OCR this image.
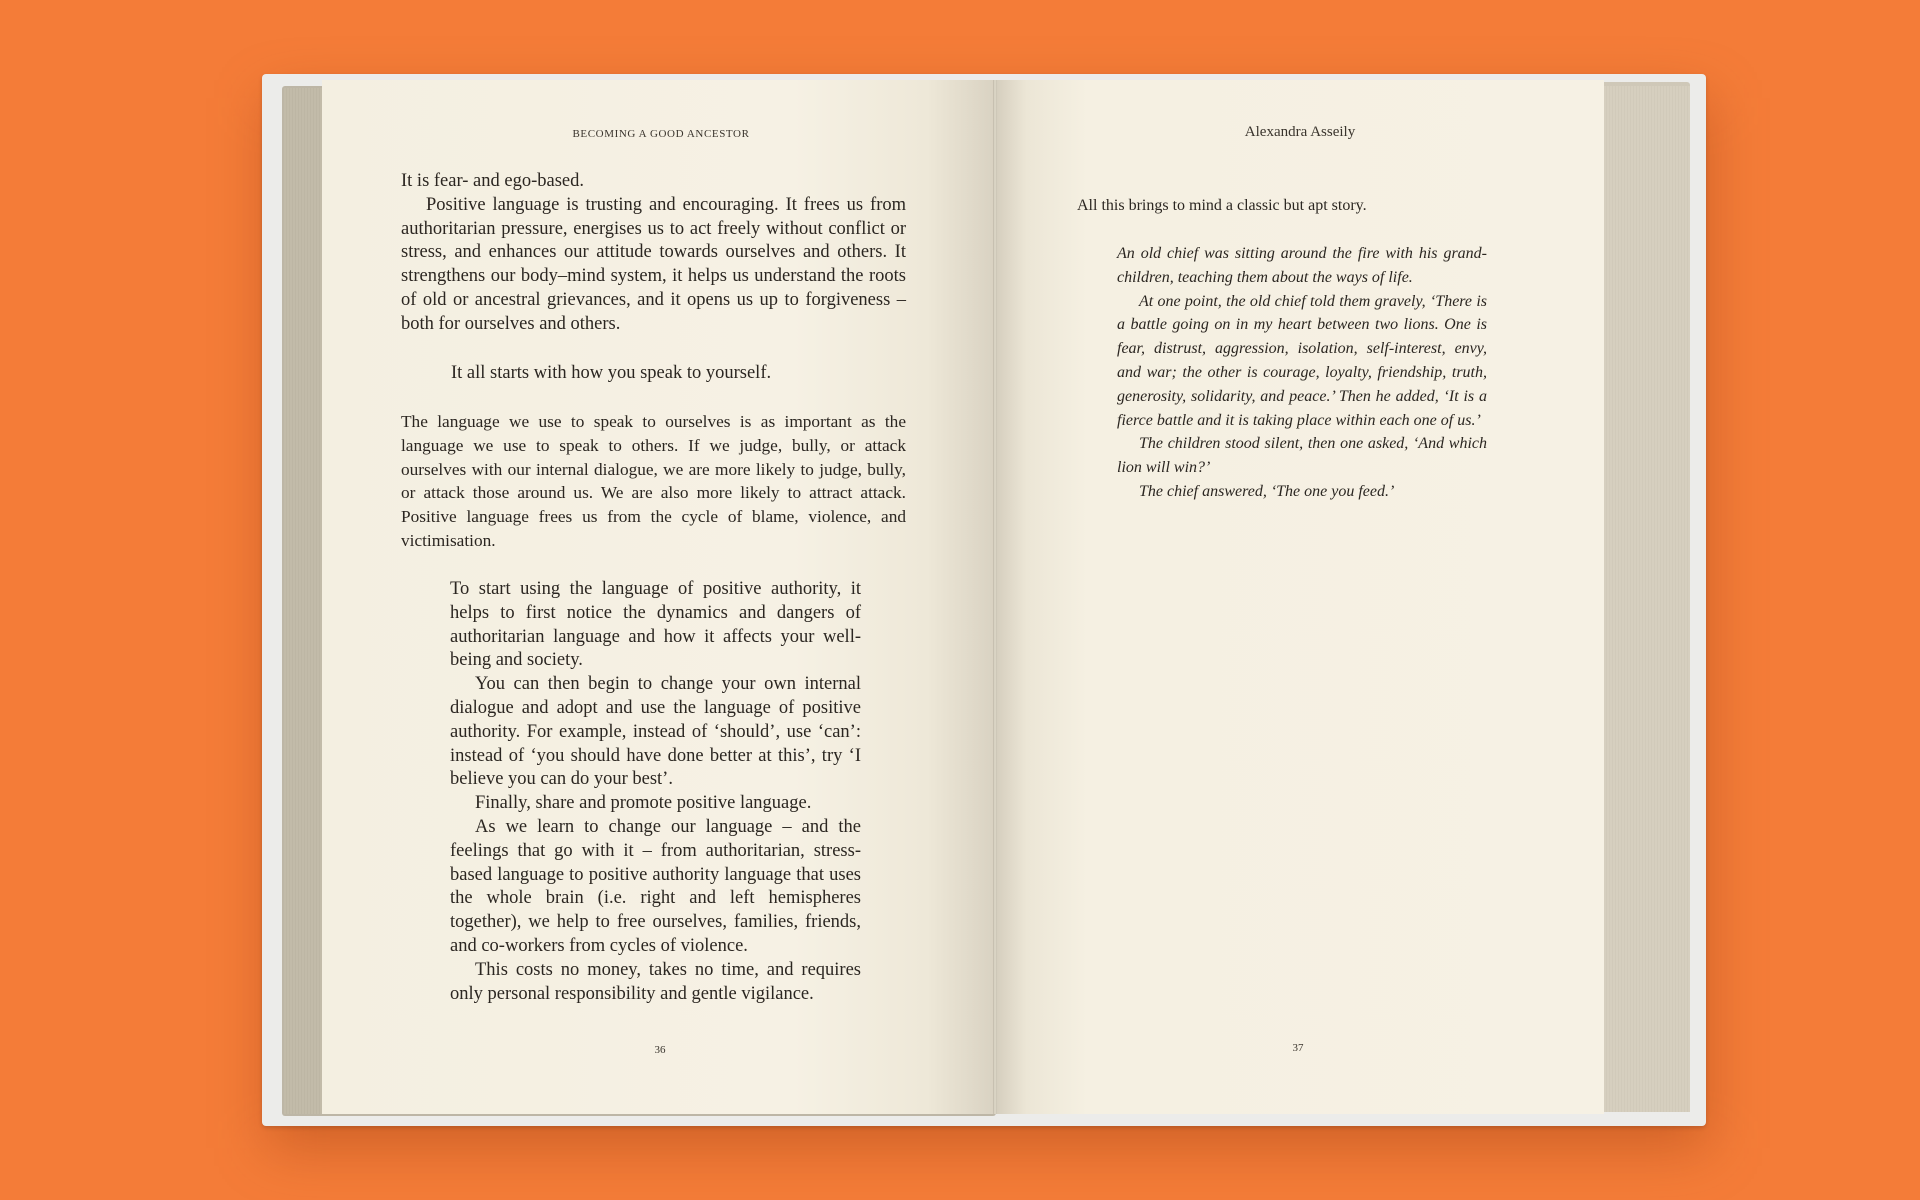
BECOMING A GOOD ANCESTOR

It is fear- and ego-based.

Positive language is trusting and encouraging. It frees us from authoritarian pressure, energises us to act freely without conflict or stress, and enhances our attitude towards ourselves and others. It strengthens our body–mind system, it helps us understand the roots of old or ancestral grievances, and it opens us up to forgiveness – both for ourselves and others.

It all starts with how you speak to yourself.

The language we use to speak to ourselves is as important as the language we use to speak to others. If we judge, bully, or attack ourselves with our internal dialogue, we are more likely to judge, bully, or attack those around us. We are also more likely to attract attack. Positive language frees us from the cycle of blame, violence, and victimisation.

To start using the language of positive authority, it helps to first notice the dynamics and dangers of authoritarian language and how it affects your well-being and society.

You can then begin to change your own internal dialogue and adopt and use the language of positive authority. For example, instead of ‘should’, use ‘can’: instead of ‘you should have done better at this’, try ‘I believe you can do your best’.

Finally, share and promote positive language.

As we learn to change our language – and the feelings that go with it – from authoritarian, stress-based language to positive authority language that uses the whole brain (i.e. right and left hemispheres together), we help to free ourselves, families, friends, and co-workers from cycles of violence.

This costs no money, takes no time, and requires only personal responsibility and gentle vigilance.

36
Alexandra Asseily
All this brings to mind a classic but apt story.

An old chief was sitting around the fire with his grand-children, teaching them about the ways of life.

At one point, the old chief told them gravely, ‘There is a battle going on in my heart between two lions. One is fear, distrust, aggression, isolation, self-interest, envy, and war; the other is courage, loyalty, friendship, truth, generosity, solidarity, and peace.’ Then he added, ‘It is a fierce battle and it is taking place within each one of us.’

The children stood silent, then one asked, ‘And which lion will win?’

The chief answered, ‘The one you feed.’

37
